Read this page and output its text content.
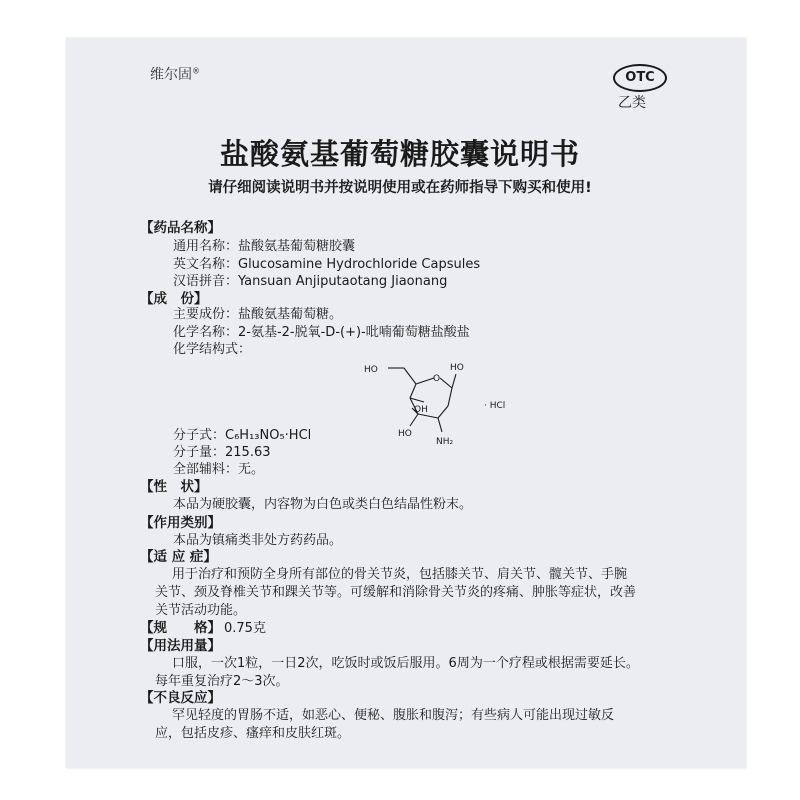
维尔固®	OTC
乙类
盐酸氨基葡萄糖胶囊说明书
请仔细阅读说明书并按说明使用或在药师指导下购买和使用!
【药品名称】
通用名称：盐酸氨基葡萄糖胶囊
英文名称：Glucosamine Hydrochloride Capsules
汉语拼音：Yansuan Anjiputaotang Jiaonang
【成　份】
主要成份：盐酸氨基葡萄糖。
化学名称：2-氨基-2-脱氧-D-(+)-吡喃葡萄糖盐酸盐
化学结构式：
HO
O
HO
OH
HO
NH₂
· HCl
分子式：C₆H₁₃NO₅·HCl
分子量：215.63
全部辅料：无。
【性　状】
本品为硬胶囊，内容物为白色或类白色结晶性粉末。
【作用类别】
本品为镇痛类非处方药药品。
【适 应 症】
用于治疗和预防全身所有部位的骨关节炎，包括膝关节、肩关节、髋关节、手腕
关节、颈及脊椎关节和踝关节等。可缓解和消除骨关节炎的疼痛、肿胀等症状，改善
关节活动功能。
【规　　格】 0.75克
【用法用量】
口服，一次1粒，一日2次，吃饭时或饭后服用。6周为一个疗程或根据需要延长。
每年重复治疗2～3次。
【不良反应】
罕见轻度的胃肠不适，如恶心、便秘、腹胀和腹泻；有些病人可能出现过敏反
应，包括皮疹、瘙痒和皮肤红斑。
